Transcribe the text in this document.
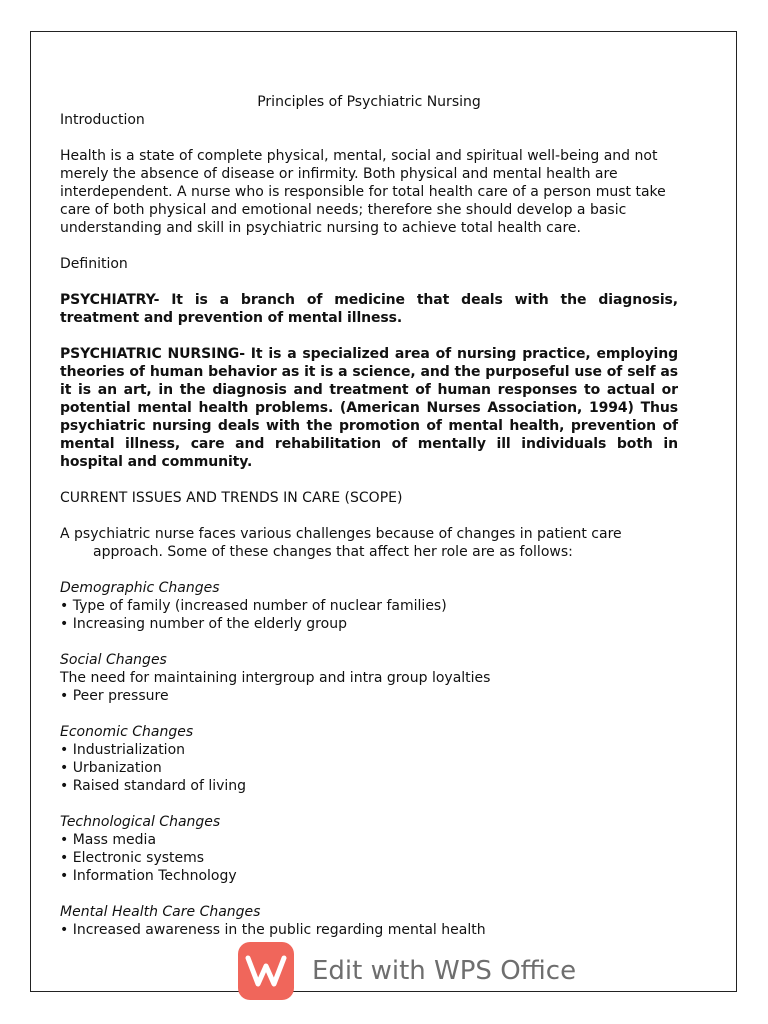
Principles of Psychiatric Nursing

Introduction

Health is a state of complete physical, mental, social and spiritual well-being and not
merely the absence of disease or infirmity. Both physical and mental health are
interdependent. A nurse who is responsible for total health care of a person must take
care of both physical and emotional needs; therefore she should develop a basic
understanding and skill in psychiatric nursing to achieve total health care.

Definition

PSYCHIATRY- It is a branch of medicine that deals with the diagnosis, treatment and prevention of mental illness.

PSYCHIATRIC NURSING- It is a specialized area of nursing practice, employing theories of human behavior as it is a science, and the purposeful use of self as it is an art, in the diagnosis and treatment of human responses to actual or potential mental health problems. (American Nurses Association, 1994) Thus psychiatric nursing deals with the promotion of mental health, prevention of mental illness, care and rehabilitation of mentally ill individuals both in hospital and community.

CURRENT ISSUES AND TRENDS IN CARE (SCOPE)

A psychiatric nurse faces various challenges because of changes in patient care
approach. Some of these changes that affect her role are as follows:
Demographic Changes
• Type of family (increased number of nuclear families)
• Increasing number of the elderly group
Social Changes
The need for maintaining intergroup and intra group loyalties
• Peer pressure
Economic Changes
• Industrialization
• Urbanization
• Raised standard of living
Technological Changes
• Mass media
• Electronic systems
• Information Technology
Mental Health Care Changes
• Increased awareness in the public regarding mental health
Edit with WPS Office
